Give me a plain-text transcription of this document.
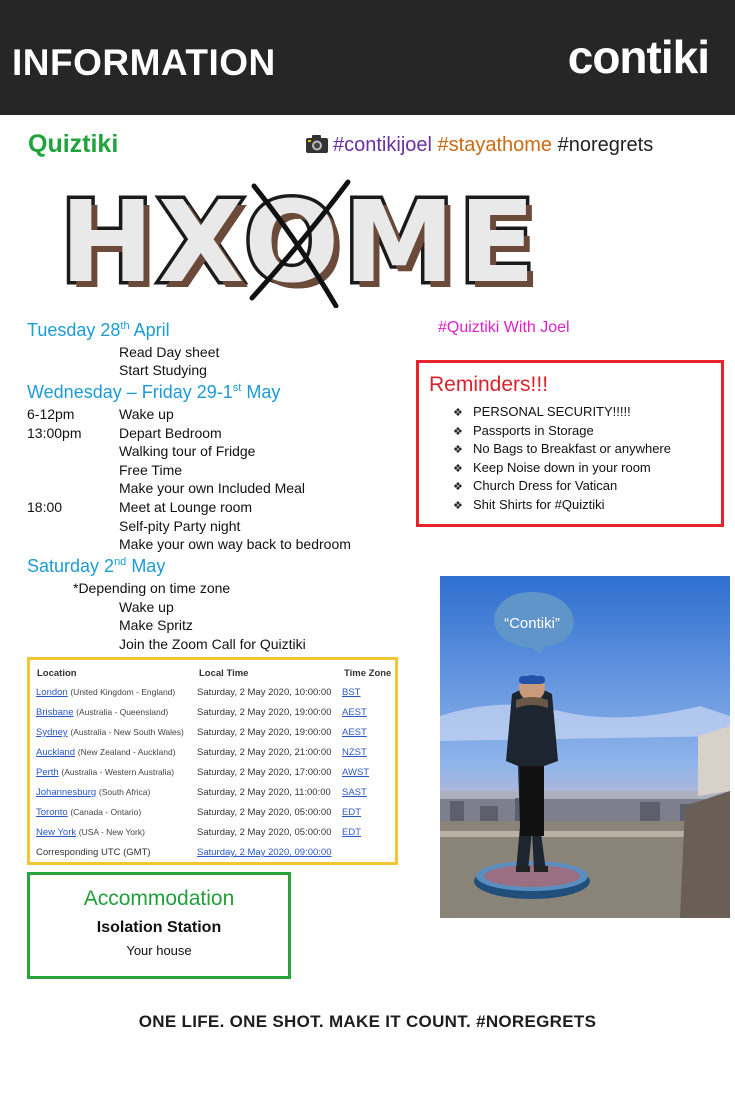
INFORMATION	contiki
Quiztiki	#contikijoel #stayathome #noregrets
HXOME
Tuesday 28th April
Read Day sheet
Start Studying
Wednesday – Friday 29-1st May
6-12pm	Wake up
13:00pm	Depart Bedroom
Walking tour of Fridge
Free Time
Make your own Included Meal
18:00	Meet at Lounge room
Self-pity Party night
Make your own way back to bedroom
Saturday 2nd May
*Depending on time zone
Wake up
Make Spritz
Join the Zoom Call for Quiztiki
#Quiztiki With Joel
Reminders!!!
❖ PERSONAL SECURITY!!!!!
❖ Passports in Storage
❖ No Bags to Breakfast or anywhere
❖ Keep Noise down in your room
❖ Church Dress for Vatican
❖ Shit Shirts for #Quiztiki
Location	Local Time	Time Zone
London (United Kingdom - England) Saturday, 2 May 2020, 10:00:00 BST
Brisbane (Australia - Queensland)	Saturday, 2 May 2020, 19:00:00 AEST
Sydney (Australia - New South Wales) Saturday, 2 May 2020, 19:00:00 AEST
Auckland (New Zealand - Auckland) Saturday, 2 May 2020, 21:00:00 NZST
Perth (Australia - Western Australia) Saturday, 2 May 2020, 17:00:00 AWST
Johannesburg (South Africa)	Saturday, 2 May 2020, 11:00:00 SAST
Toronto (Canada - Ontario)	Saturday, 2 May 2020, 05:00:00 EDT
New York (USA - New York)	Saturday, 2 May 2020, 05:00:00 EDT
Corresponding UTC (GMT)	Saturday, 2 May 2020, 09:00:00
Accommodation
Isolation Station
Your house
“Contiki”
ONE LIFE. ONE SHOT. MAKE IT COUNT. #NOREGRETS
